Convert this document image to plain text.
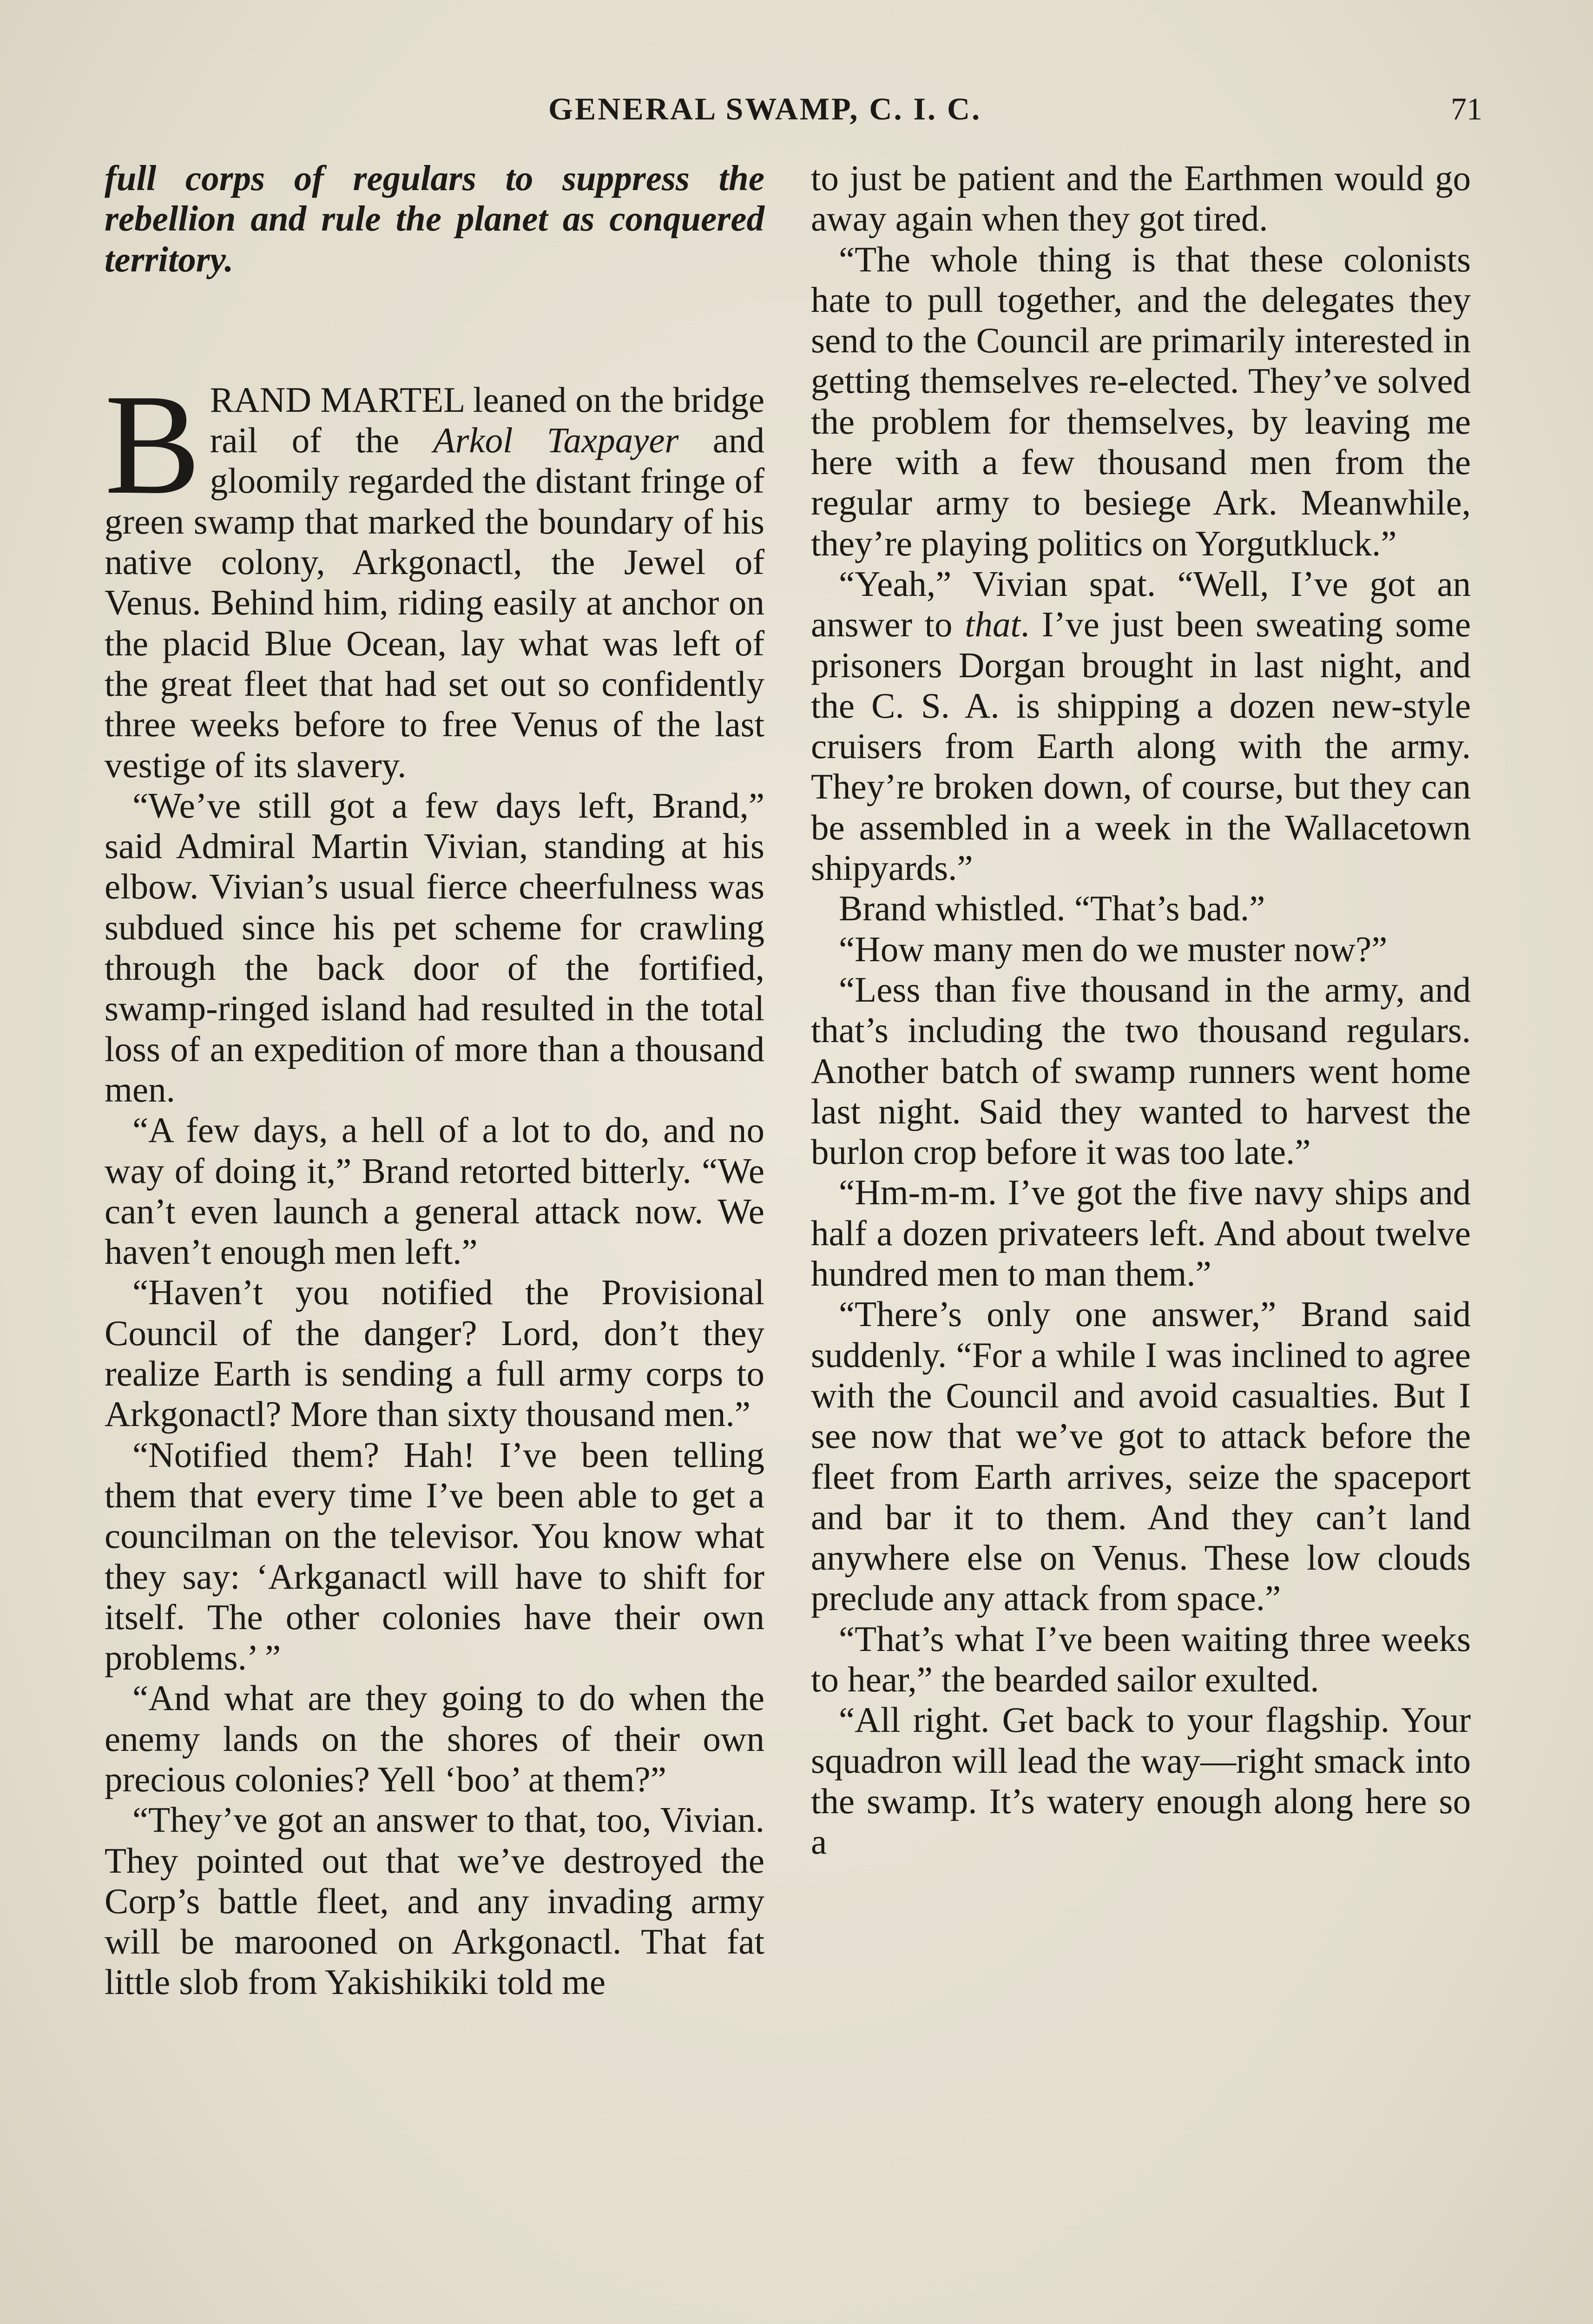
GENERAL SWAMP, C. I. C.	71

full corps of regulars to suppress the rebellion and rule the planet as conquered territory.

BRAND MARTEL leaned on the bridge rail of the Arkol Taxpayer and gloomily regarded the distant fringe of green swamp that marked the boundary of his native colony, Arkgonactl, the Jewel of Venus. Behind him, riding easily at anchor on the placid Blue Ocean, lay what was left of the great fleet that had set out so confidently three weeks before to free Venus of the last vestige of its slavery.

“We’ve still got a few days left, Brand,” said Admiral Martin Vivian, standing at his elbow. Vivian’s usual fierce cheerfulness was subdued since his pet scheme for crawling through the back door of the fortified, swamp-ringed island had resulted in the total loss of an expedition of more than a thousand men.

“A few days, a hell of a lot to do, and no way of doing it,” Brand retorted bitterly. “We can’t even launch a general attack now. We haven’t enough men left.”

“Haven’t you notified the Provisional Council of the danger? Lord, don’t they realize Earth is sending a full army corps to Arkgonactl? More than sixty thousand men.”

“Notified them? Hah! I’ve been telling them that every time I’ve been able to get a councilman on the televisor. You know what they say: ‘Arkganactl will have to shift for itself. The other colonies have their own problems.’ ”

“And what are they going to do when the enemy lands on the shores of their own precious colonies? Yell ‘boo’ at them?”

“They’ve got an answer to that, too, Vivian. They pointed out that we’ve destroyed the Corp’s battle fleet, and any invading army will be marooned on Arkgonactl. That fat little slob from Yakishikiki told me

to just be patient and the Earthmen would go away again when they got tired.

“The whole thing is that these colonists hate to pull together, and the delegates they send to the Council are primarily interested in getting themselves re-elected. They’ve solved the problem for themselves, by leaving me here with a few thousand men from the regular army to besiege Ark. Meanwhile, they’re playing politics on Yorgutkluck.”

“Yeah,” Vivian spat. “Well, I’ve got an answer to that. I’ve just been sweating some prisoners Dorgan brought in last night, and the C. S. A. is shipping a dozen new-style cruisers from Earth along with the army. They’re broken down, of course, but they can be assembled in a week in the Wallacetown shipyards.”

Brand whistled. “That’s bad.”

“How many men do we muster now?”

“Less than five thousand in the army, and that’s including the two thousand regulars. Another batch of swamp runners went home last night. Said they wanted to harvest the burlon crop before it was too late.”

“Hm-m-m. I’ve got the five navy ships and half a dozen privateers left. And about twelve hundred men to man them.”

“There’s only one answer,” Brand said suddenly. “For a while I was inclined to agree with the Council and avoid casualties. But I see now that we’ve got to attack before the fleet from Earth arrives, seize the spaceport and bar it to them. And they can’t land anywhere else on Venus. These low clouds preclude any attack from space.”

“That’s what I’ve been waiting three weeks to hear,” the bearded sailor exulted.

“All right. Get back to your flagship. Your squadron will lead the way—right smack into the swamp. It’s watery enough along here so a
